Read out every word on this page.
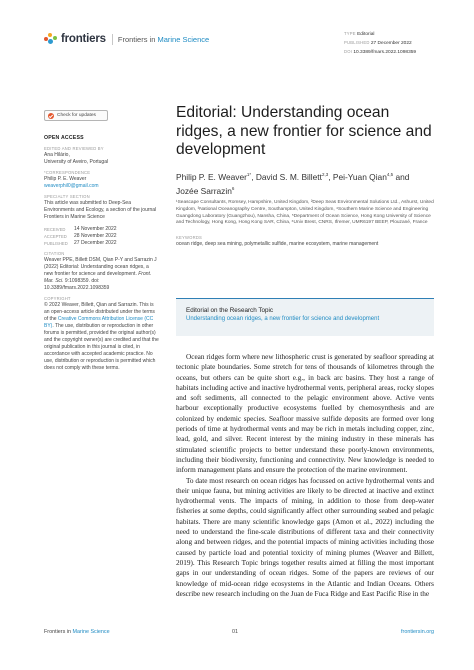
frontiers Frontiers in Marine Science
TYPE Editorial
PUBLISHED 27 December 2022
DOI 10.3389/fmars.2022.1098359
Check for updates
OPEN ACCESS
EDITED AND REVIEWED BY
Ana Hilário,
University of Aveiro, Portugal
*CORRESPONDENCE
Philip P. E. Weaver
weaverphil0@gmail.com
SPECIALTY SECTION
This article was submitted to Deep-Sea Environments and Ecology, a section of the journal Frontiers in Marine Science
RECEIVED	14 November 2022
ACCEPTED	28 November 2022
PUBLISHED	27 December 2022
CITATION
Weaver PPE, Billett DSM, Qian P-Y and Sarrazin J (2022) Editorial: Understanding ocean ridges, a new frontier for science and development. Front. Mar. Sci. 9:1098359. doi: 10.3389/fmars.2022.1098359
COPYRIGHT
© 2022 Weaver, Billett, Qian and Sarrazin. This is an open-access article distributed under the terms of the Creative Commons Attribution License (CC BY). The use, distribution or reproduction in other forums is permitted, provided the original author(s) and the copyright owner(s) are credited and that the original publication in this journal is cited, in accordance with accepted academic practice. No use, distribution or reproduction is permitted which does not comply with these terms.
Editorial: Understanding ocean ridges, a new frontier for science and development
Philip P. E. Weaver$^{1*}$, David S. M. Billett$^{2,3}$, Pei-Yuan Qian$^{4,5}$ and Jozée Sarrazin$^6$
¹Seascape Consultants, Romsey, Hampshire, United Kingdom, ²Deep Seas Environmental Solutions Ltd., Ashurst, United Kingdom, ³National Oceanography Centre, Southampton, United Kingdom, ⁴Southern Marine Science and Engineering Guangdong Laboratory (Guangzhou), Nansha, China, ⁵Department of Ocean Science, Hong Kong University of Science and Technology, Hong Kong, Hong Kong SAR, China, ⁶Univ Brest, CNRS, Ifremer, UMR6197 BEEP, Plouzané, France
KEYWORDS
ocean ridge, deep sea mining, polymetallic sulfide, marine ecosystem, marine management
Editorial on the Research Topic
Understanding ocean ridges, a new frontier for science and development

Ocean ridges form where new lithospheric crust is generated by seafloor spreading at tectonic plate boundaries. Some stretch for tens of thousands of kilometres through the oceans, but others can be quite short e.g., in back arc basins. They host a range of habitats including active and inactive hydrothermal vents, peripheral areas, rocky slopes and soft sediments, all connected to the pelagic environment above. Active vents harbour exceptionally productive ecosystems fuelled by chemosynthesis and are colonized by endemic species. Seafloor massive sulfide deposits are formed over long periods of time at hydrothermal vents and may be rich in metals including copper, zinc, lead, gold, and silver. Recent interest by the mining industry in these minerals has stimulated scientific projects to better understand these poorly-known environments, including their biodiversity, functioning and connectivity. New knowledge is needed to inform management plans and ensure the protection of the marine environment.

To date most research on ocean ridges has focussed on active hydrothermal vents and their unique fauna, but mining activities are likely to be directed at inactive and extinct hydrothermal vents. The impacts of mining, in addition to those from deep-water fisheries at some depths, could significantly affect other surrounding seabed and pelagic habitats. There are many scientific knowledge gaps (Amon et al., 2022) including the need to understand the fine-scale distributions of different taxa and their connectivity along and between ridges, and the potential impacts of mining activities including those caused by particle load and potential toxicity of mining plumes (Weaver and Billett, 2019). This Research Topic brings together results aimed at filling the most important gaps in our understanding of ocean ridges. Some of the papers are reviews of our knowledge of mid-ocean ridge ecosystems in the Atlantic and Indian Oceans. Others describe new research including on the Juan de Fuca Ridge and East Pacific Rise in the

Frontiers in Marine Science	01	frontiersin.org
